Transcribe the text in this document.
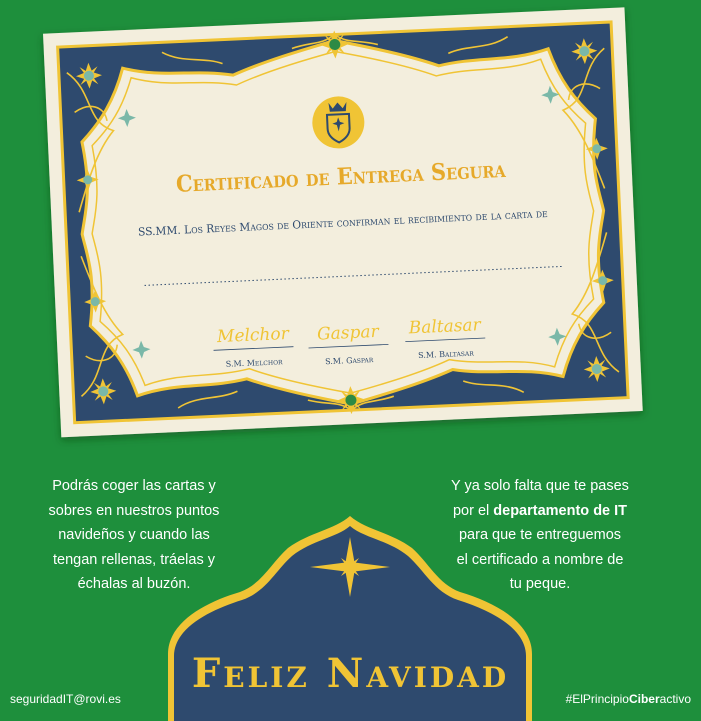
Certificado de Entrega Segura
SS.MM. Los Reyes Magos de Oriente confirman el recibimiento de la carta de
Melchor
S.M. Melchor
Gaspar
S.M. Gaspar
Baltasar
S.M. Baltasar
Podrás coger las cartas y
sobres en nuestros puntos
navideños y cuando las
tengan rellenas, tráelas y
échalas al buzón.
Y ya solo falta que te pases
por el departamento de IT
para que te entreguemos
el certificado a nombre de
tu peque.
Feliz Navidad
seguridadIT@rovi.es	#ElPrincipioCiberactivo
